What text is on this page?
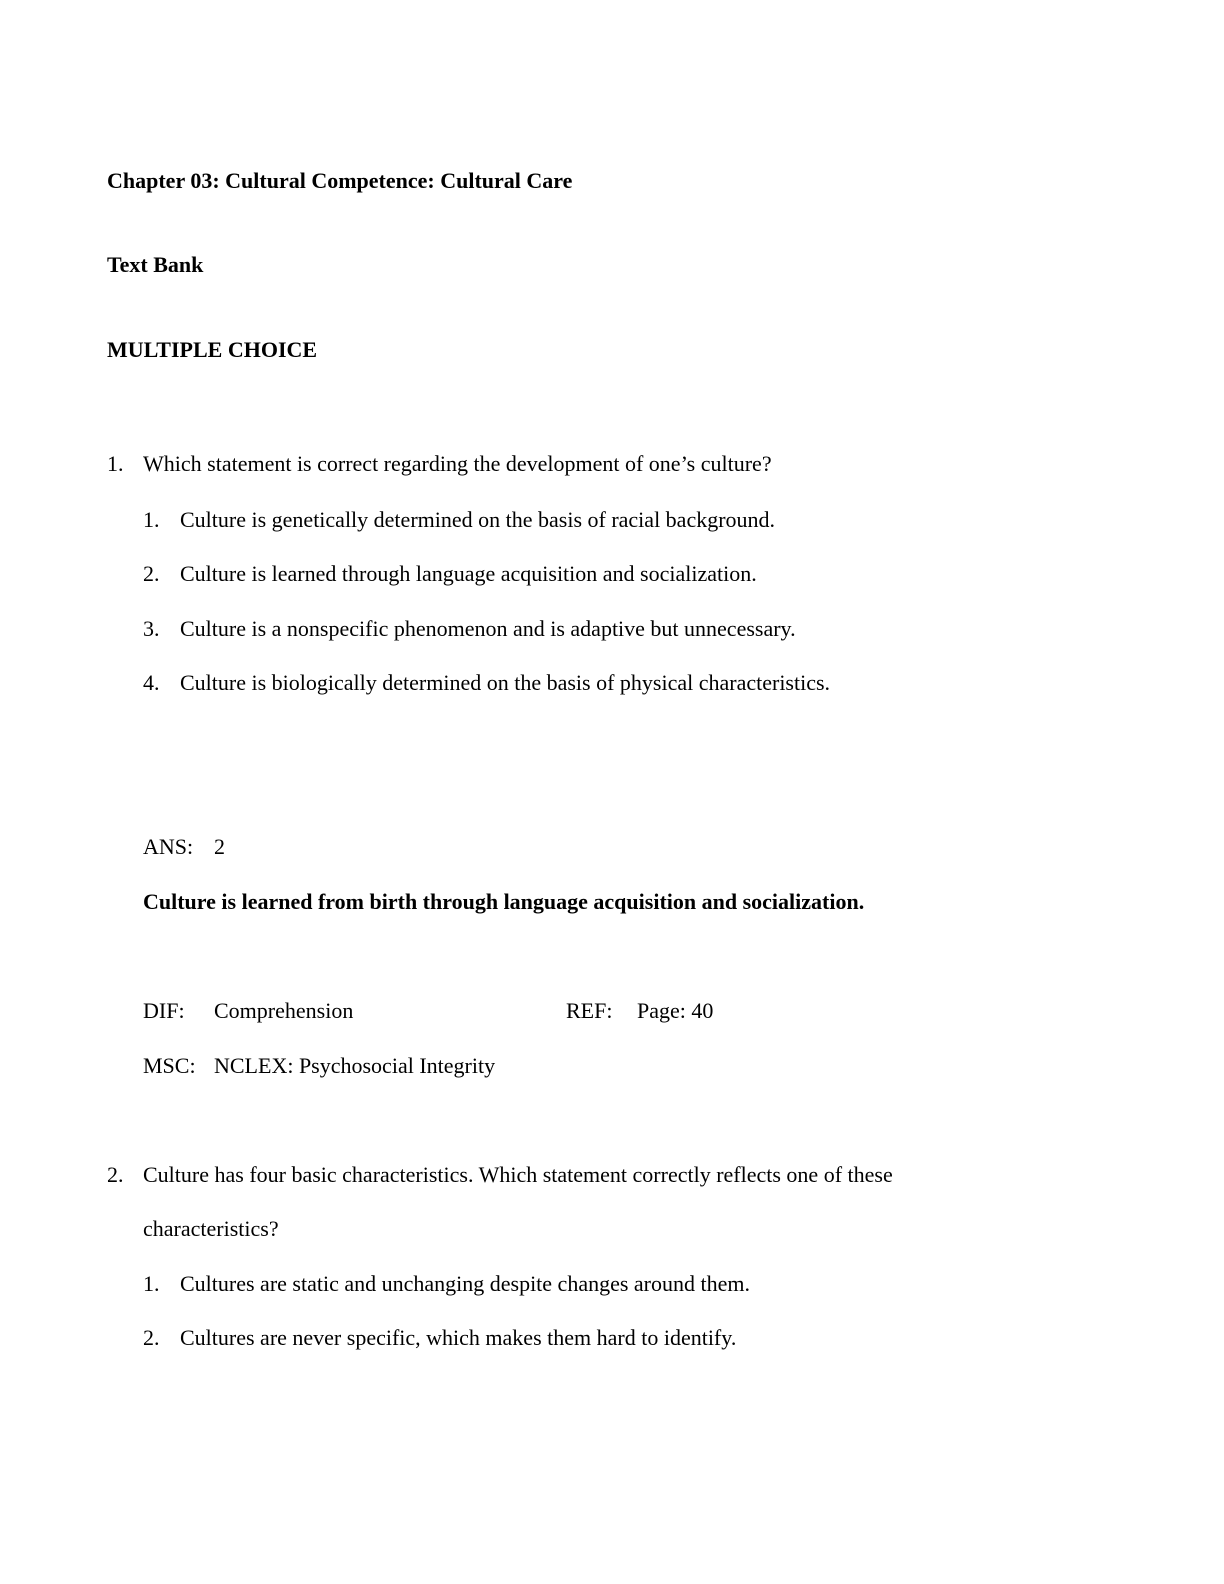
Chapter 03: Cultural Competence: Cultural Care
Text Bank
MULTIPLE CHOICE
1. Which statement is correct regarding the development of one’s culture?
1. Culture is genetically determined on the basis of racial background.
2. Culture is learned through language acquisition and socialization.
3. Culture is a nonspecific phenomenon and is adaptive but unnecessary.
4. Culture is biologically determined on the basis of physical characteristics.
ANS: 2
Culture is learned from birth through language acquisition and socialization.
DIF: Comprehension	REF: Page: 40
MSC: NCLEX: Psychosocial Integrity
2. Culture has four basic characteristics. Which statement correctly reflects one of these
characteristics?
1. Cultures are static and unchanging despite changes around them.
2. Cultures are never specific, which makes them hard to identify.
